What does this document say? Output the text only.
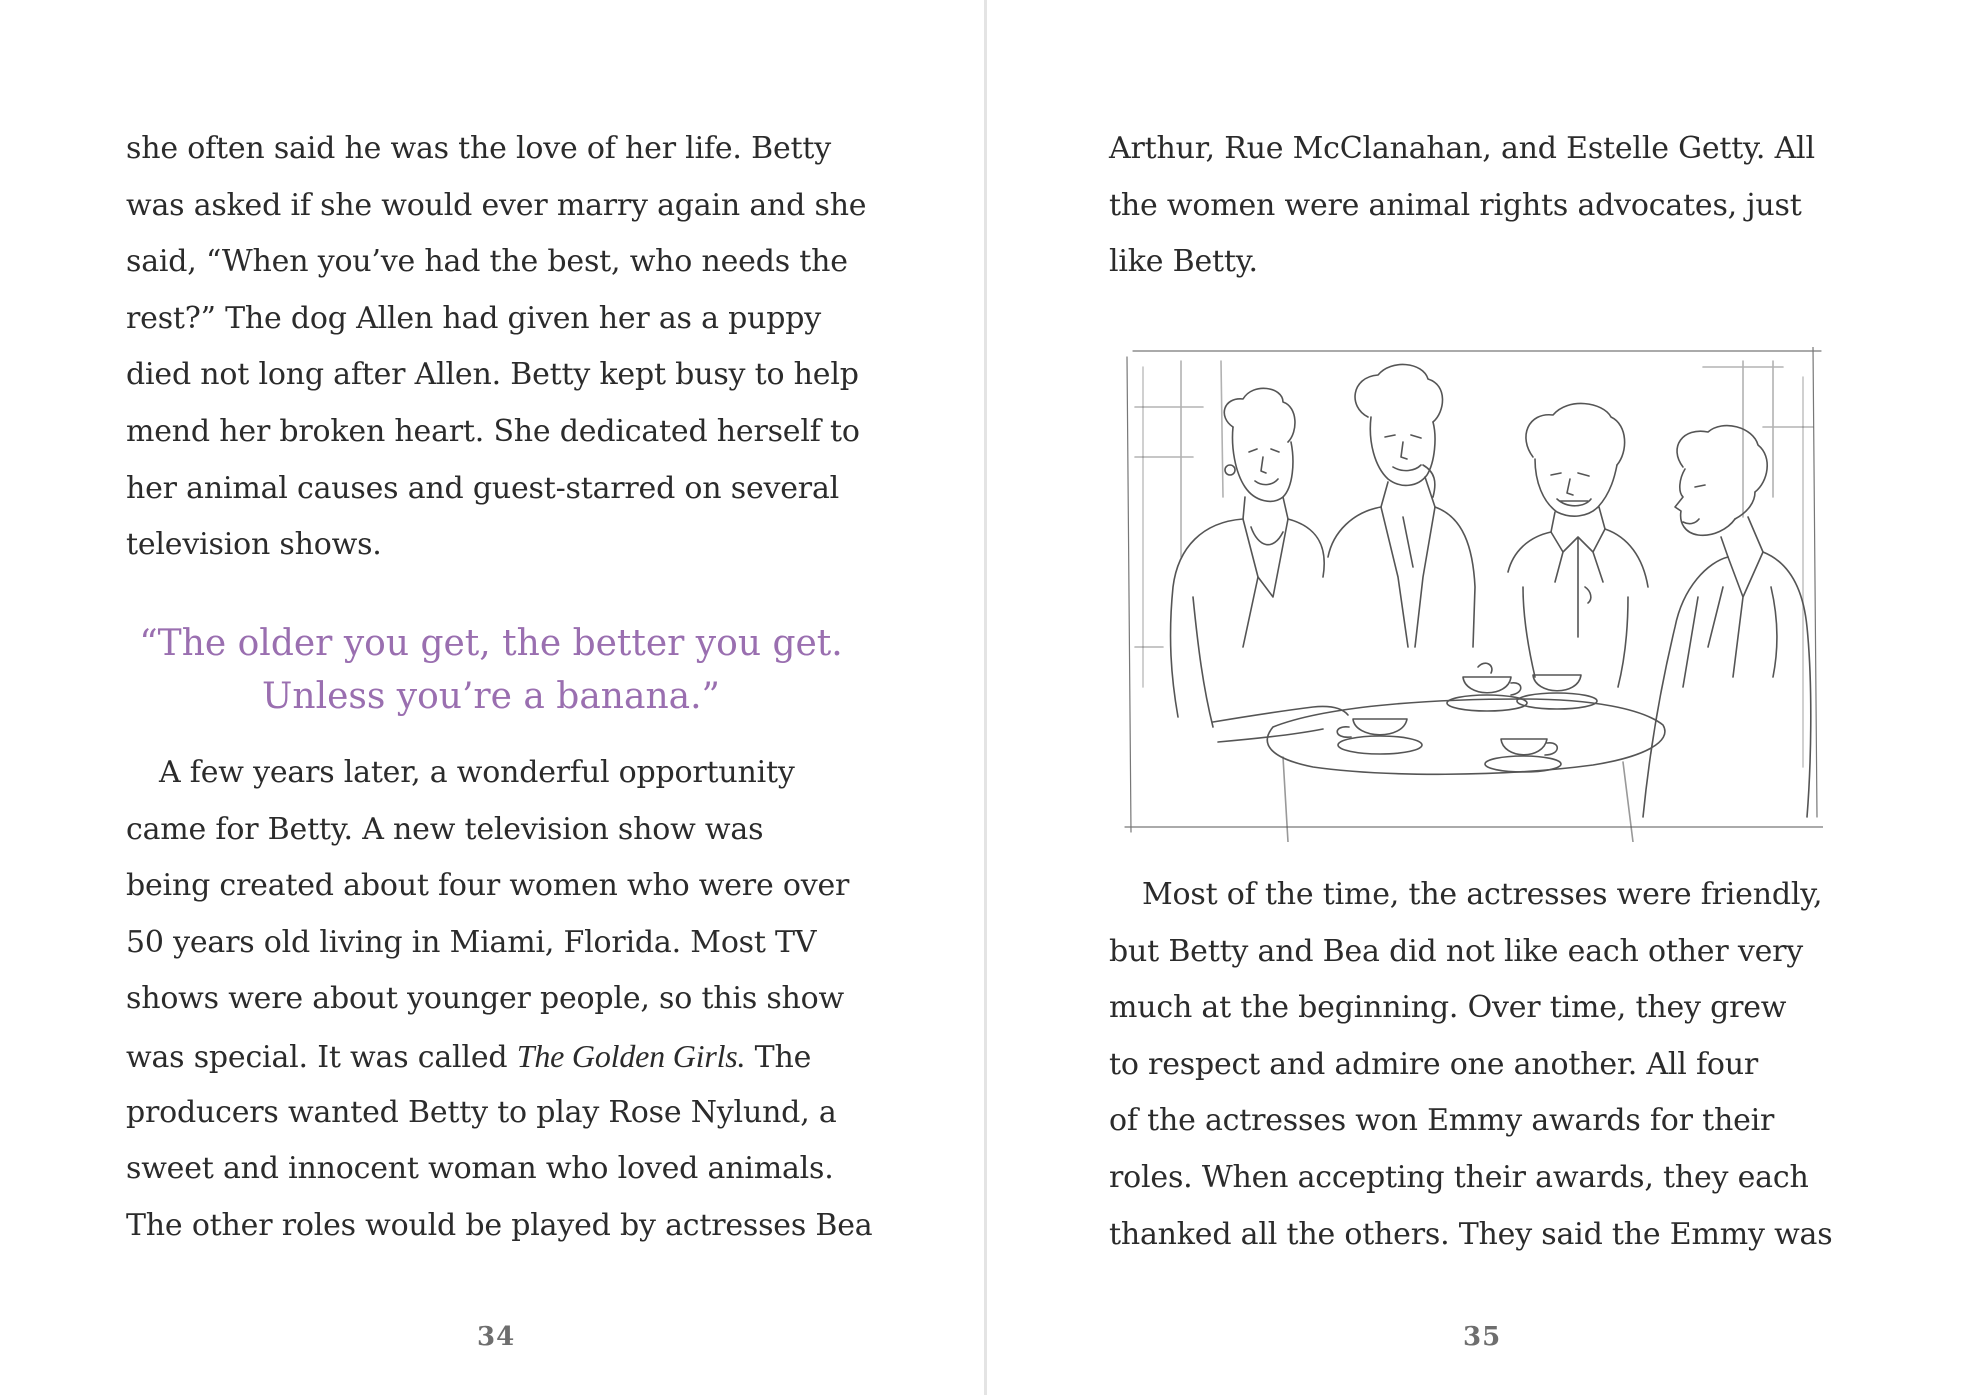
she often said he was the love of her life. Betty
was asked if she would ever marry again and she
said, “When you’ve had the best, who needs the
rest?” The dog Allen had given her as a puppy
died not long after Allen. Betty kept busy to help
mend her broken heart. She dedicated herself to
her animal causes and guest-starred on several
television shows.
“The older you get, the better you get.
Unless you’re a banana.”
A few years later, a wonderful opportunity
came for Betty. A new television show was
being created about four women who were over
50 years old living in Miami, Florida. Most TV
shows were about younger people, so this show
was special. It was called The Golden Girls. The
producers wanted Betty to play Rose Nylund, a
sweet and innocent woman who loved animals.
The other roles would be played by actresses Bea
34
Arthur, Rue McClanahan, and Estelle Getty. All
the women were animal rights advocates, just
like Betty.
Most of the time, the actresses were friendly,
but Betty and Bea did not like each other very
much at the beginning. Over time, they grew
to respect and admire one another. All four
of the actresses won Emmy awards for their
roles. When accepting their awards, they each
thanked all the others. They said the Emmy was
35
